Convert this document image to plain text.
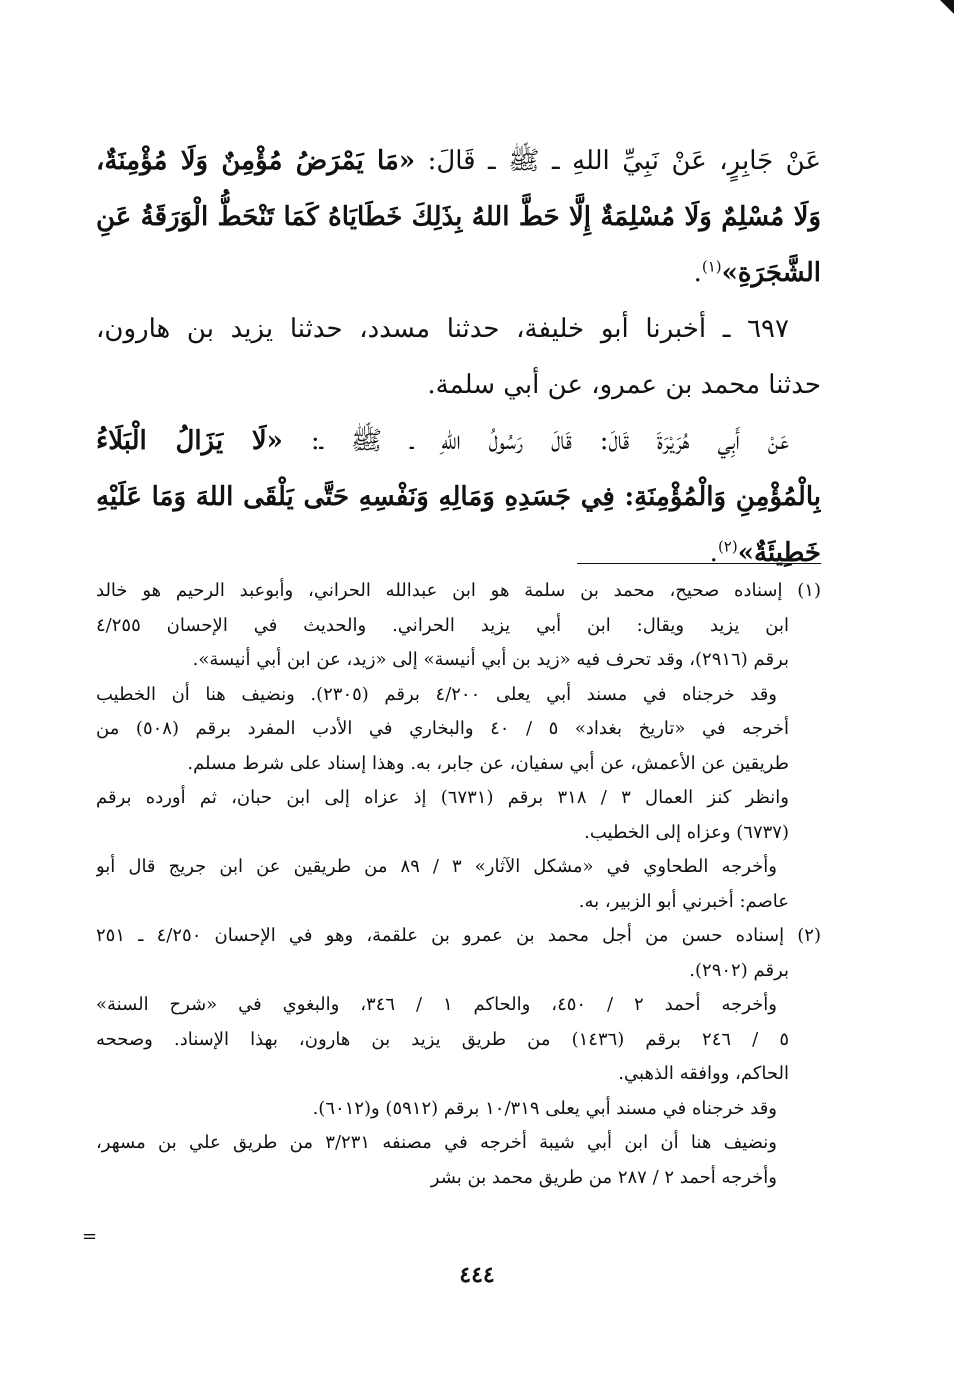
عَنْ جَابِرٍ، عَنْ نَبِيِّ اللهِ ـ ﷺ ـ قَالَ: «مَا يَمْرَضُ مُؤْمِنٌ وَلَا مُؤْمِنَةٌ،
وَلَا مُسْلِمٌ وَلَا مُسْلِمَةٌ إِلَّا حَطَّ اللهُ بِذَلِكَ خَطَايَاهُ كَمَا تَنْحَطُّ الْوَرَقَةُ عَنِ
الشَّجَرَةِ»$^{(١)}$.
٦٩٧ ـ أخبرنا أبو خليفة، حدثنا مسدد، حدثنا يزيد بن هارون،
حدثنا محمد بن عمرو، عن أبي سلمة.
عَنْ أَبِي هُرَيْرَةَ قَالَ: قَالَ رَسُولُ اللهِ ـ ﷺ ـ: «لَا يَزَالُ الْبَلَاءُ
بِالْمُؤْمِنِ وَالْمُؤْمِنَةِ: فِي جَسَدِهِ وَمَالِهِ وَنَفْسِهِ حَتَّى يَلْقَى اللهَ وَمَا عَلَيْهِ
خَطِيئَةٌ»$^{(٢)}$.
(١) إسناده صحيح، محمد بن سلمة هو ابن عبدالله الحراني، وأبوعبد الرحيم هو خالد
ابن يزيد ويقال: ابن أبي يزيد الحراني. والحديث في الإحسان ٤/٢٥٥
برقم (٢٩١٦)، وقد تحرف فيه «زيد بن أبي أنيسة» إلى «زيد، عن ابن أبي أنيسة».
وقد خرجناه في مسند أبي يعلى ٤/٢٠٠ برقم (٢٣٠٥). ونضيف هنا أن الخطيب
أخرجه في «تاريخ بغداد» ٥ / ٤٠ والبخاري في الأدب المفرد برقم (٥٠٨) من
طريقين عن الأعمش، عن أبي سفيان، عن جابر، به. وهذا إسناد على شرط مسلم.
وانظر كنز العمال ٣ / ٣١٨ برقم (٦٧٣١) إذ عزاه إلى ابن حبان، ثم أورده برقم
(٦٧٣٧) وعزاه إلى الخطيب.
وأخرجه الطحاوي في «مشكل الآثار» ٣ / ٨٩ من طريقين عن ابن جريج قال أبو
عاصم: أخبرني أبو الزبير، به.
(٢) إسناده حسن من أجل محمد بن عمرو بن علقمة، وهو في الإحسان ٤/٢٥٠ ـ ٢٥١
برقم (٢٩٠٢).
وأخرجه أحمد ٢ / ٤٥٠، والحاكم ١ / ٣٤٦، والبغوي في «شرح السنة»
٥ / ٢٤٦ برقم (١٤٣٦) من طريق يزيد بن هارون، بهذا الإسناد. وصححه
الحاكم، ووافقه الذهبي.
وقد خرجناه في مسند أبي يعلى ١٠/٣١٩ برقم (٥٩١٢) و(٦٠١٢).
ونضيف هنا أن ابن أبي شيبة أخرجه في مصنفه ٣/٢٣١ من طريق علي بن مسهر،
وأخرجه أحمد ٢ / ٢٨٧ من طريق محمد بن بشر
=
٤٤٤
